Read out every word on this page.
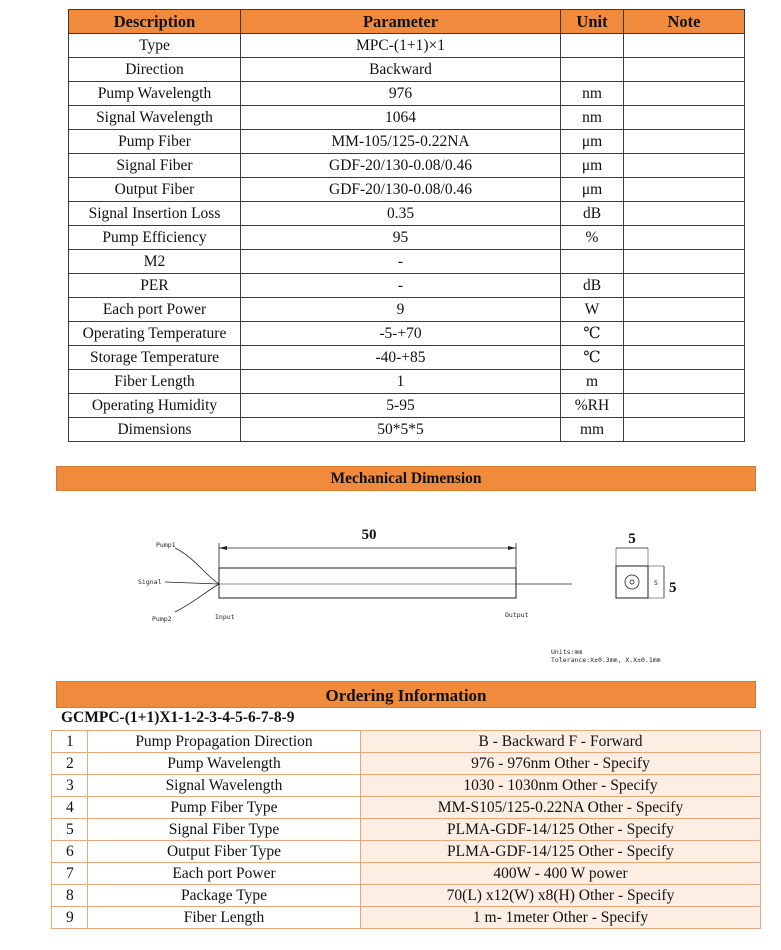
Description	Parameter	Unit	Note
Type	MPC-(1+1)×1		
Direction	Backward		
Pump Wavelength	976	nm	
Signal Wavelength	1064	nm	
Pump Fiber	MM-105/125-0.22NA	μm	
Signal Fiber	GDF-20/130-0.08/0.46	μm	
Output Fiber	GDF-20/130-0.08/0.46	μm	
Signal Insertion Loss	0.35	dB	
Pump Efficiency	95	%	
M2	-		
PER	-	dB	
Each port Power	9	W	
Operating Temperature	-5-+70	℃	
Storage Temperature	-40-+85	℃	
Fiber Length	1	m	
Operating Humidity	5-95	%RH	
Dimensions	50*5*5	mm	
Mechanical Dimension
50
Pump1
Signal
Pump2	Input	Output
5
5 5
Units:mm
Tolerance:X±0.3mm, X.X±0.1mm
Ordering Information
GCMPC-(1+1)X1-1-2-3-4-5-6-7-8-9
1	Pump Propagation Direction	B - Backward F - Forward
2	Pump Wavelength	976 - 976nm Other - Specify
3	Signal Wavelength	1030 - 1030nm Other - Specify
4	Pump Fiber Type	MM-S105/125-0.22NA Other - Specify
5	Signal Fiber Type	PLMA-GDF-14/125 Other - Specify
6	Output Fiber Type	PLMA-GDF-14/125 Other - Specify
7	Each port Power	400W - 400 W power
8	Package Type	70(L) x12(W) x8(H) Other - Specify
9	Fiber Length	1 m- 1meter Other - Specify
